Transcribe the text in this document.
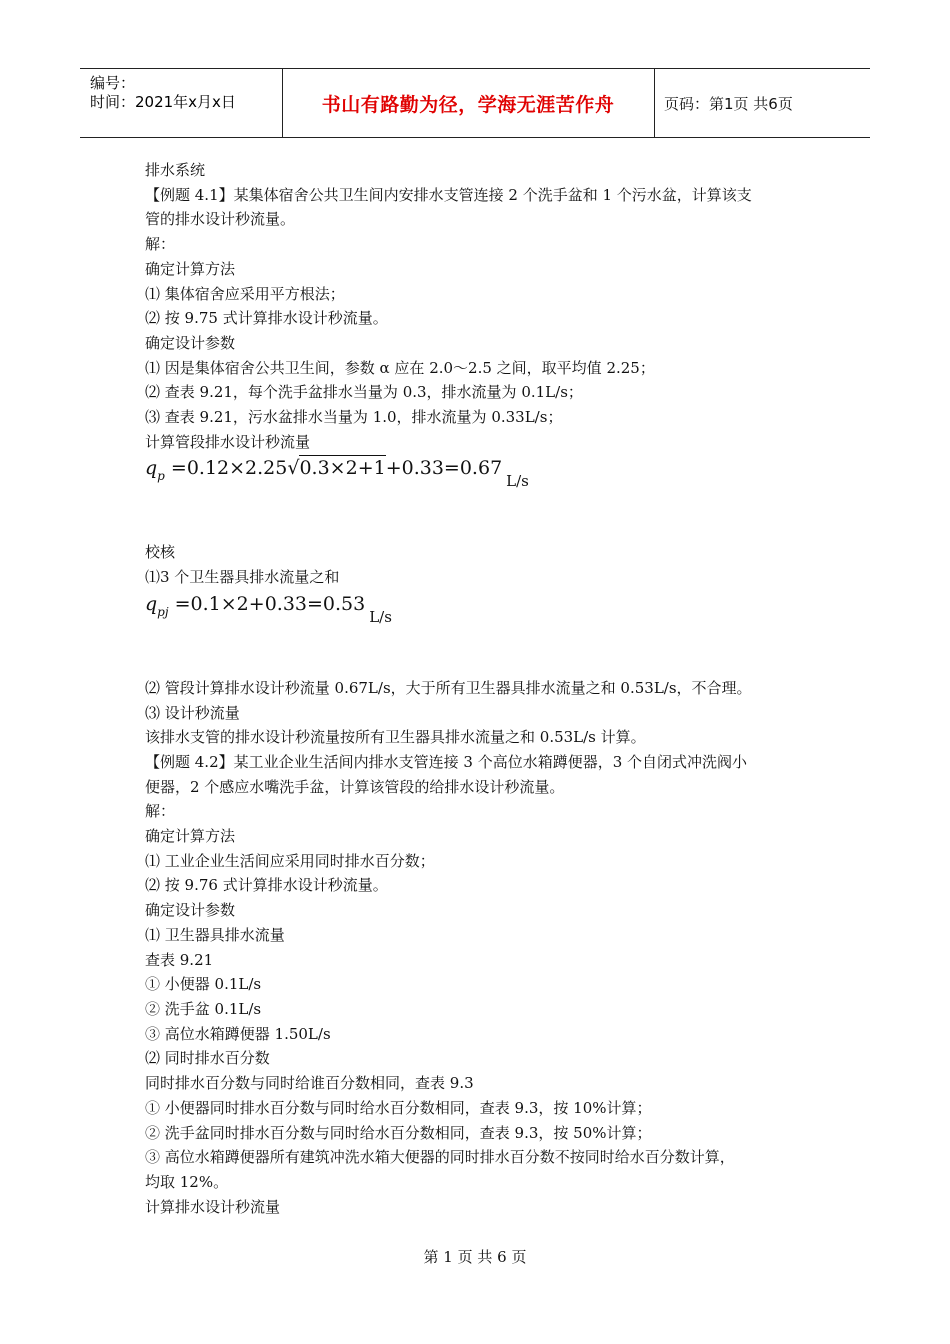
编号：
时间：2021年x月x日	书山有路勤为径，学海无涯苦作舟	页码：第1页 共6页
排水系统
【例题 4.1】某集体宿舍公共卫生间内安排水支管连接 2 个洗手盆和 1 个污水盆，计算该支
管的排水设计秒流量。
解：
确定计算方法
⑴ 集体宿舍应采用平方根法；
⑵ 按 9.75 式计算排水设计秒流量。
确定设计参数
⑴ 因是集体宿舍公共卫生间，参数 α 应在 2.0～2.5 之间，取平均值 2.25；
⑵ 查表 9.21，每个洗手盆排水当量为 0.3，排水流量为 0.1L/s；
⑶ 查表 9.21，污水盆排水当量为 1.0，排水流量为 0.33L/s；
计算管段排水设计秒流量
$q_p =0.12\times 2.25√0.3\times 2+1+0.33=0.67_{L/s}$
校核
⑴3 个卫生器具排水流量之和
$q_{pj} =0.1\times 2+0.33=0.53_{L/s}$
⑵ 管段计算排水设计秒流量 0.67L/s，大于所有卫生器具排水流量之和 0.53L/s，不合理。
⑶ 设计秒流量
该排水支管的排水设计秒流量按所有卫生器具排水流量之和 0.53L/s 计算。
【例题 4.2】某工业企业生活间内排水支管连接 3 个高位水箱蹲便器，3 个自闭式冲洗阀小
便器，2 个感应水嘴洗手盆，计算该管段的给排水设计秒流量。
解：
确定计算方法
⑴ 工业企业生活间应采用同时排水百分数；
⑵ 按 9.76 式计算排水设计秒流量。
确定设计参数
⑴ 卫生器具排水流量
查表 9.21
① 小便器 0.1L/s
② 洗手盆 0.1L/s
③ 高位水箱蹲便器 1.50L/s
⑵ 同时排水百分数
同时排水百分数与同时给谁百分数相同，查表 9.3
① 小便器同时排水百分数与同时给水百分数相同，查表 9.3，按 10%计算；
② 洗手盆同时排水百分数与同时给水百分数相同，查表 9.3，按 50%计算；
③ 高位水箱蹲便器所有建筑冲洗水箱大便器的同时排水百分数不按同时给水百分数计算，
均取 12%。
计算排水设计秒流量
第 1 页 共 6 页
